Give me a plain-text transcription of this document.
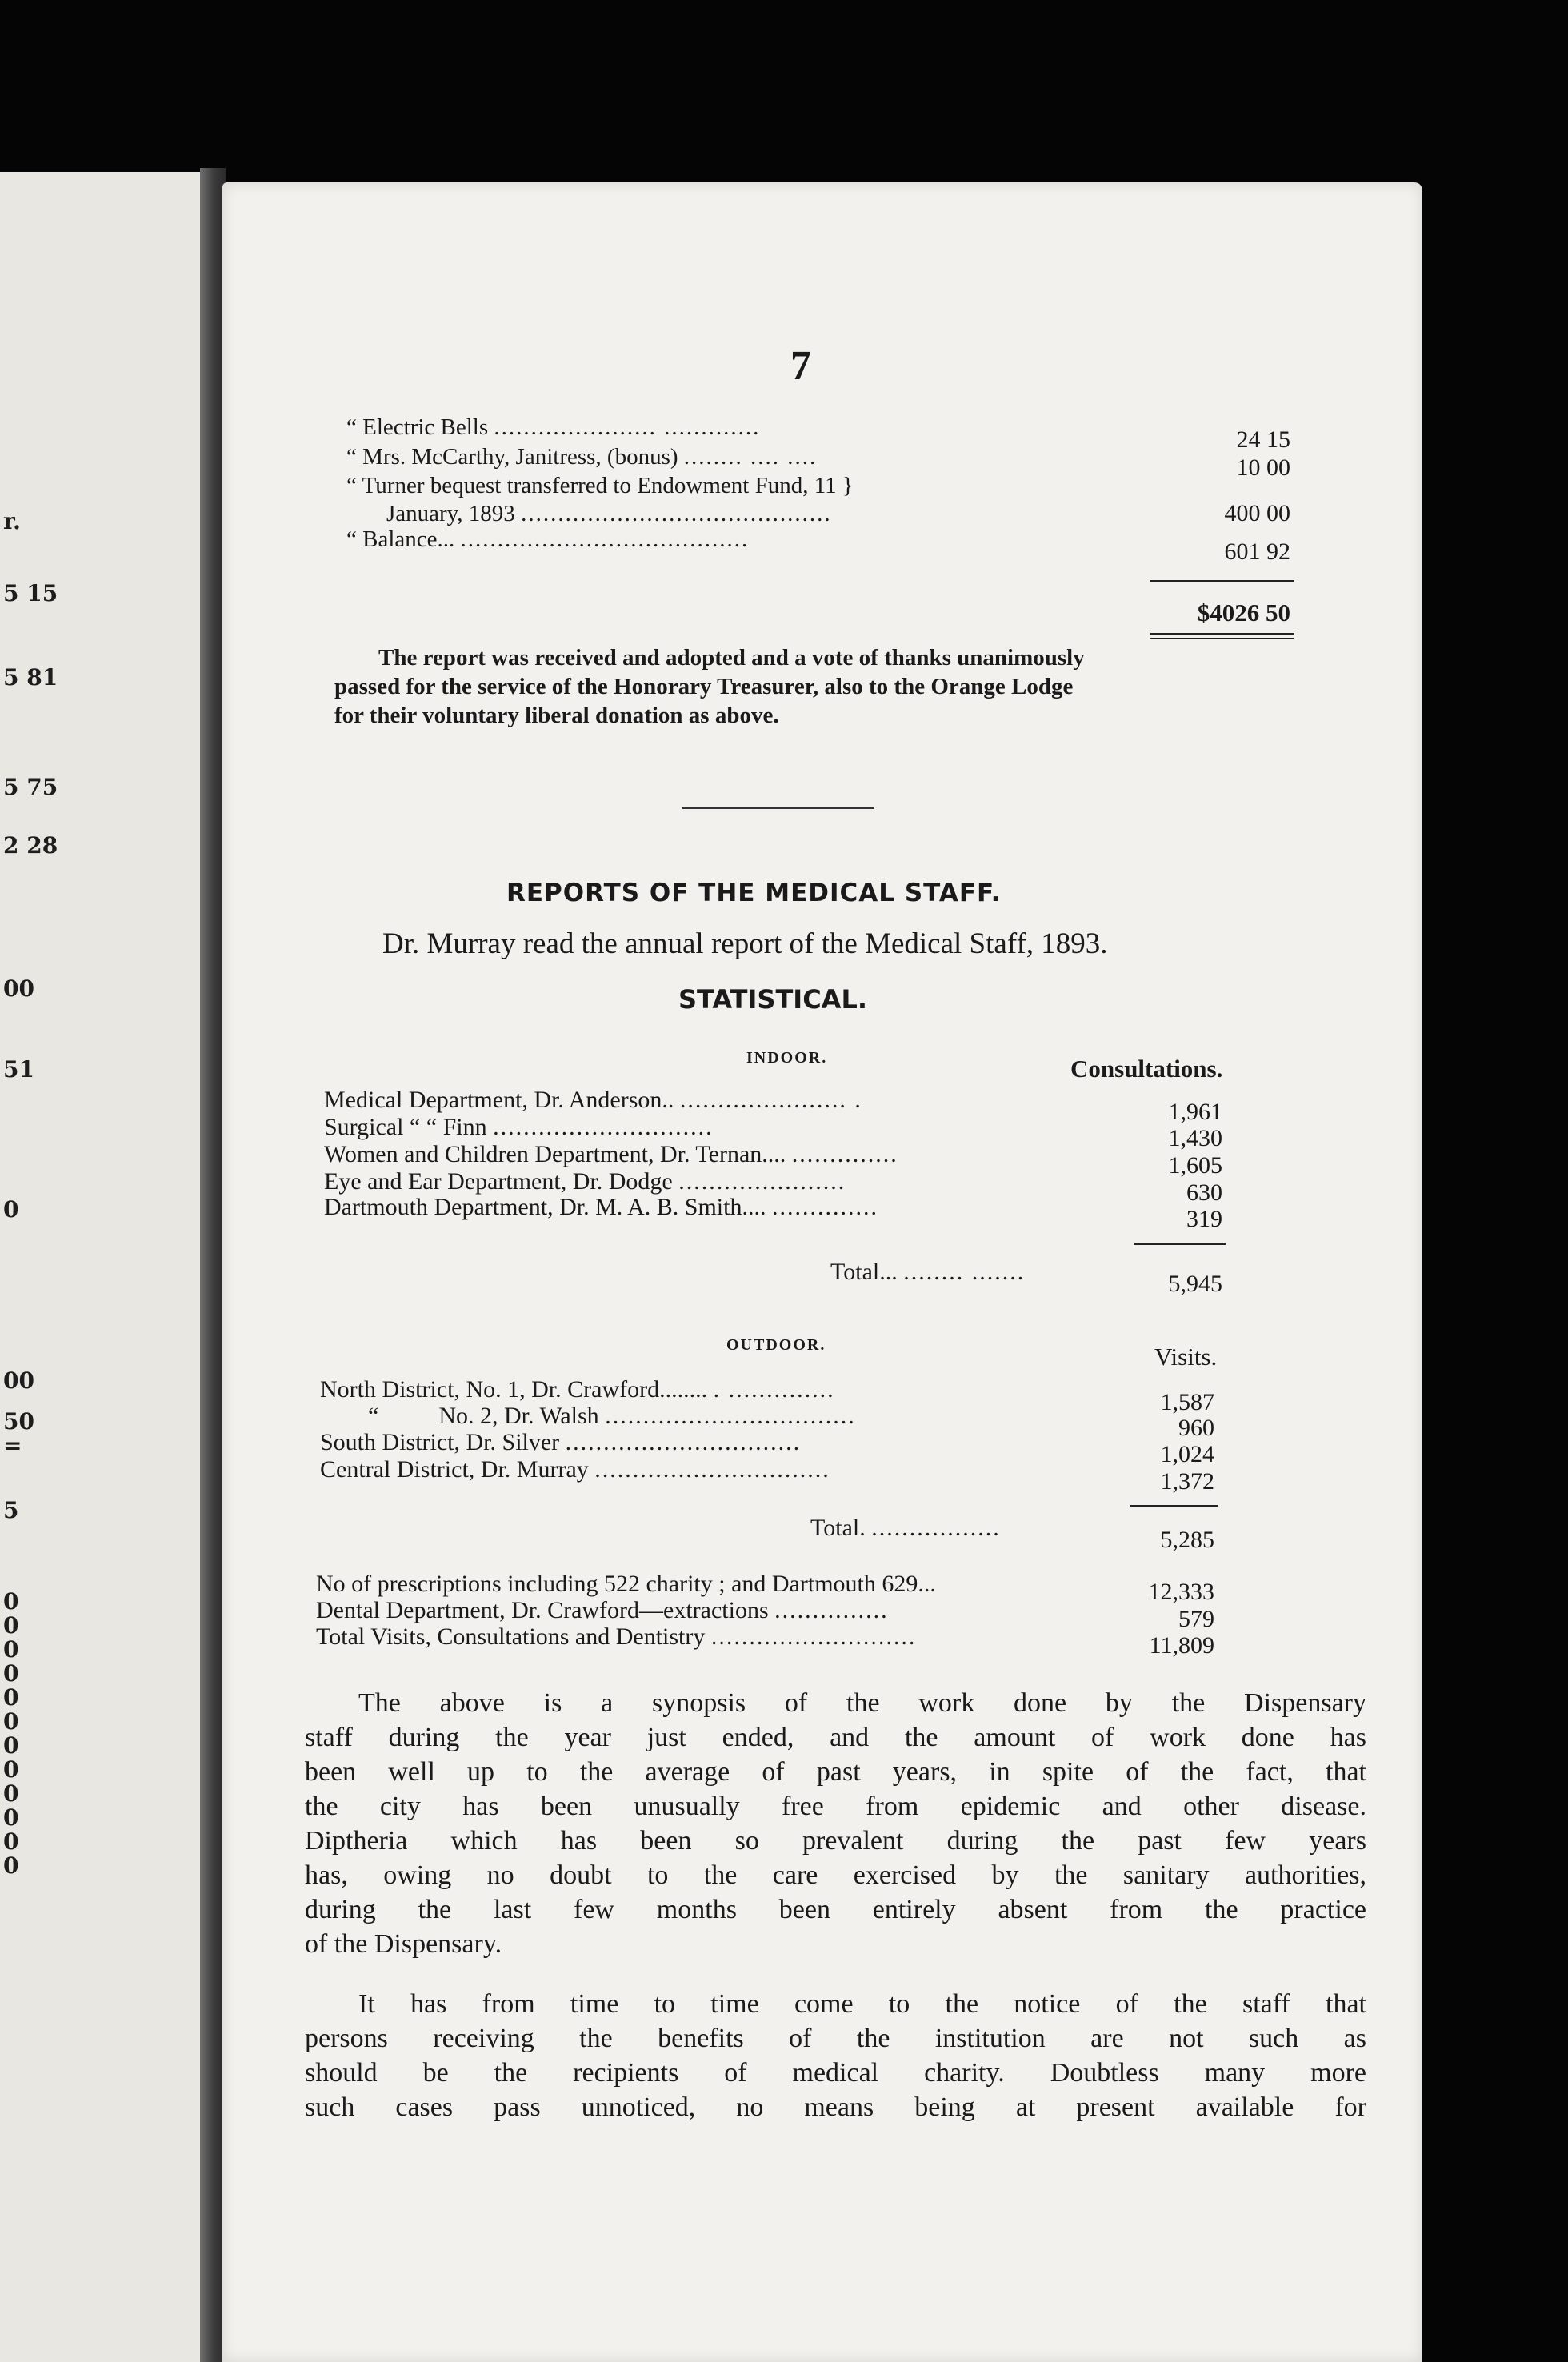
r.
5 15
5 81
5 75
2 28
00
51
0
00
50
=
5
0
0
0
0
0
0
0
0
0
0
0
0
7
“ Electric Bells ...................... .............	24 15
“ Mrs. McCarthy, Janitress, (bonus) ........ .... ....	10 00
“ Turner bequest transferred to Endowment Fund, 11 }
January, 1893 ..........................................	400 00
“ Balance... .......................................	601 92
$4026 50
The report was received and adopted and a vote of thanks unanimously
passed for the service of the Honorary Treasurer, also to the Orange Lodge
for their voluntary liberal donation as above.
REPORTS OF THE MEDICAL STAFF.
Dr. Murray read the annual report of the Medical Staff, 1893.
STATISTICAL.
INDOOR.	Consultations.
Medical Department, Dr. Anderson.. ...................... .	1,961
Surgical “ “ Finn .............................	1,430
Women and Children Department, Dr. Ternan.... ..............	1,605
Eye and Ear Department, Dr. Dodge ......................	630
Dartmouth Department, Dr. M. A. B. Smith.... ..............	319
Total... ........ .......	5,945
OUTDOOR.	Visits.
North District, No. 1, Dr. Crawford........ . ..............	1,587
“          No. 2, Dr. Walsh .................................	960
South District, Dr. Silver ...............................	1,024
Central District, Dr. Murray ...............................	1,372
Total. .................	5,285
No of prescriptions including 522 charity ; and Dartmouth 629...	12,333
Dental Department, Dr. Crawford—extractions ...............	579
Total Visits, Consultations and Dentistry ...........................	11,809
The above is a synopsis of the work done by the Dispensary
staff during the year just ended, and the amount of work done has
been well up to the average of past years, in spite of the fact, that
the city has been unusually free from epidemic and other disease.
Diptheria which has been so prevalent during the past few years
has, owing no doubt to the care exercised by the sanitary authorities,
during the last few months been entirely absent from the practice
of the Dispensary.
It has from time to time come to the notice of the staff that
persons receiving the benefits of the institution are not such as
should be the recipients of medical charity. Doubtless many more
such cases pass unnoticed, no means being at present available for
